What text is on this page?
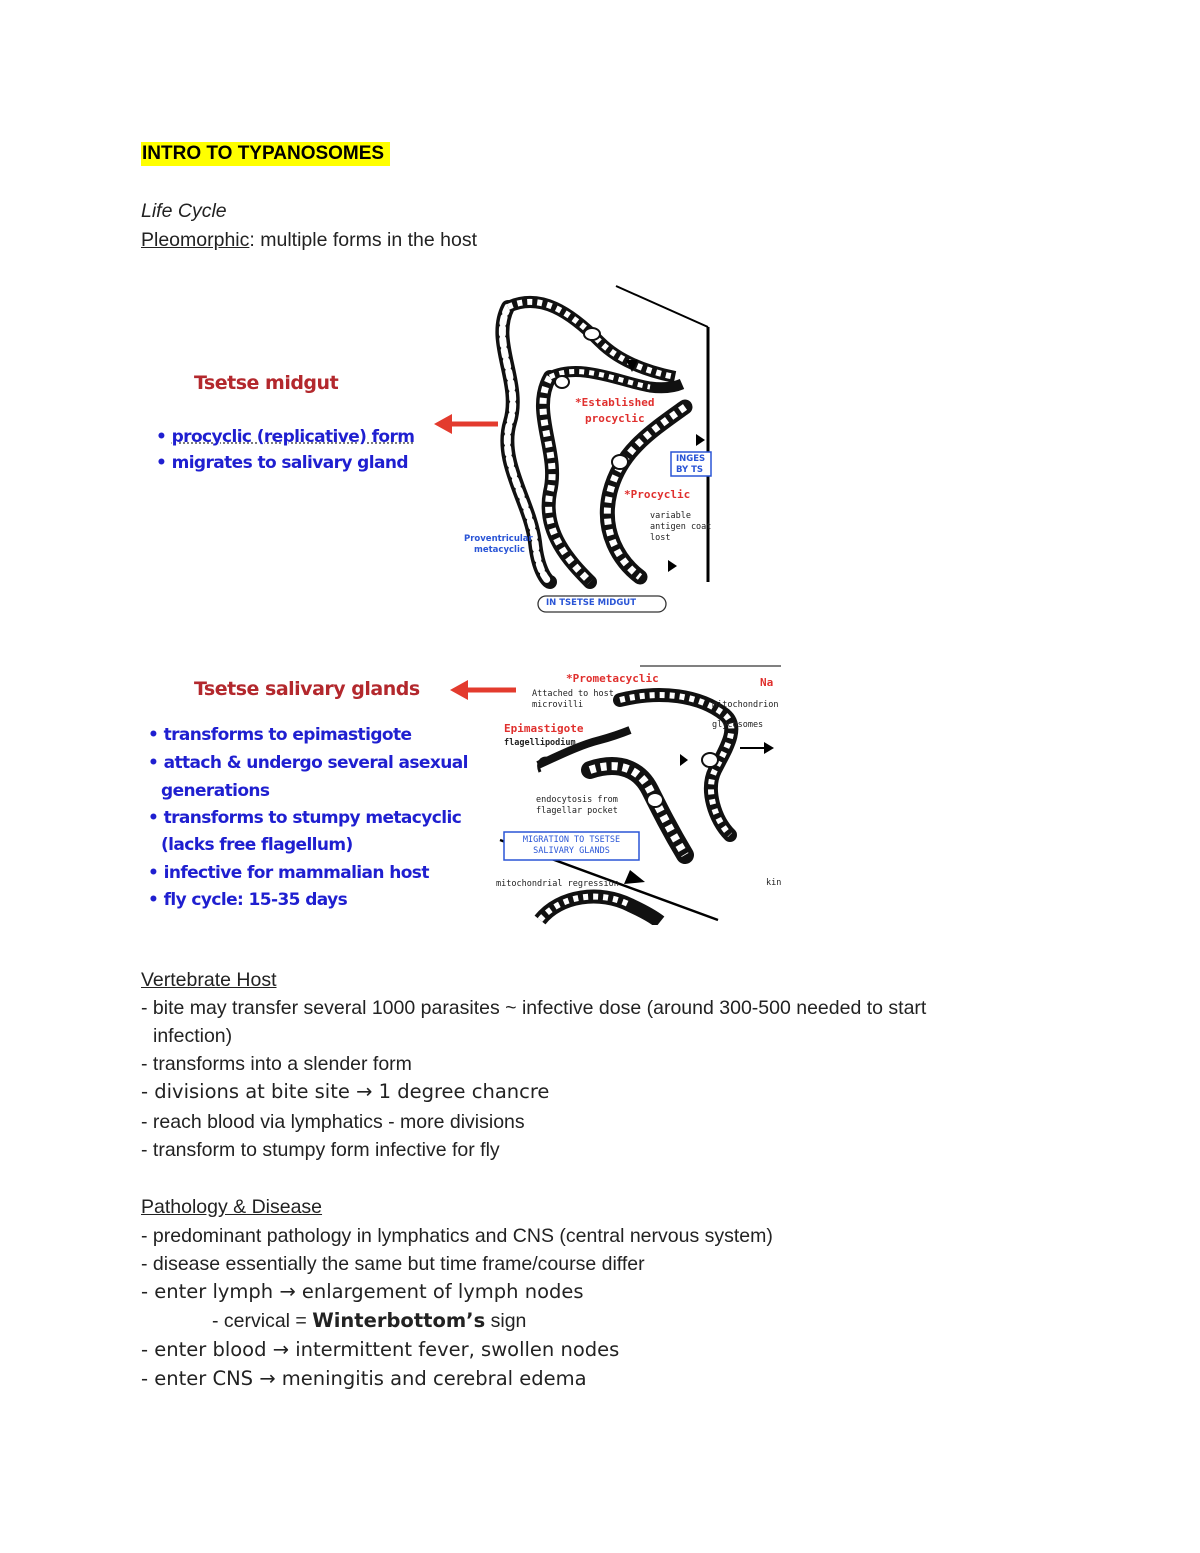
INTRO TO TYPANOSOMES
Life Cycle
Pleomorphic: multiple forms in the host
Tsetse midgut
• procyclic (replicative) form
• migrates to salivary gland
*Established
procyclic
*Procyclic
variable
antigen coat
lost
Proventricular
metacyclic
INGES
BY TS
IN TSETSE MIDGUT
Tsetse salivary glands
• transforms to epimastigote
• attach & undergo several asexual
generations
• transforms to stumpy metacyclic
(lacks free flagellum)
• infective for mammalian host
• fly cycle: 15-35 days
*Prometacyclic	Na
Attached to host
microvilli	mitochondrion
glycosomes
Epimastigote
flagellipodium
endocytosis from
flagellar pocket
MIGRATION TO TSETSE
SALIVARY GLANDS
mitochondrial regression	kin
Vertebrate Host
- bite may transfer several 1000 parasites ~ infective dose (around 300-500 needed to start
infection)
- transforms into a slender form
- divisions at bite site → 1 degree chancre
- reach blood via lymphatics - more divisions
- transform to stumpy form infective for fly
Pathology & Disease
- predominant pathology in lymphatics and CNS (central nervous system)
- disease essentially the same but time frame/course differ
- enter lymph → enlargement of lymph nodes
- cervical = Winterbottom’s sign
- enter blood → intermittent fever, swollen nodes
- enter CNS → meningitis and cerebral edema
